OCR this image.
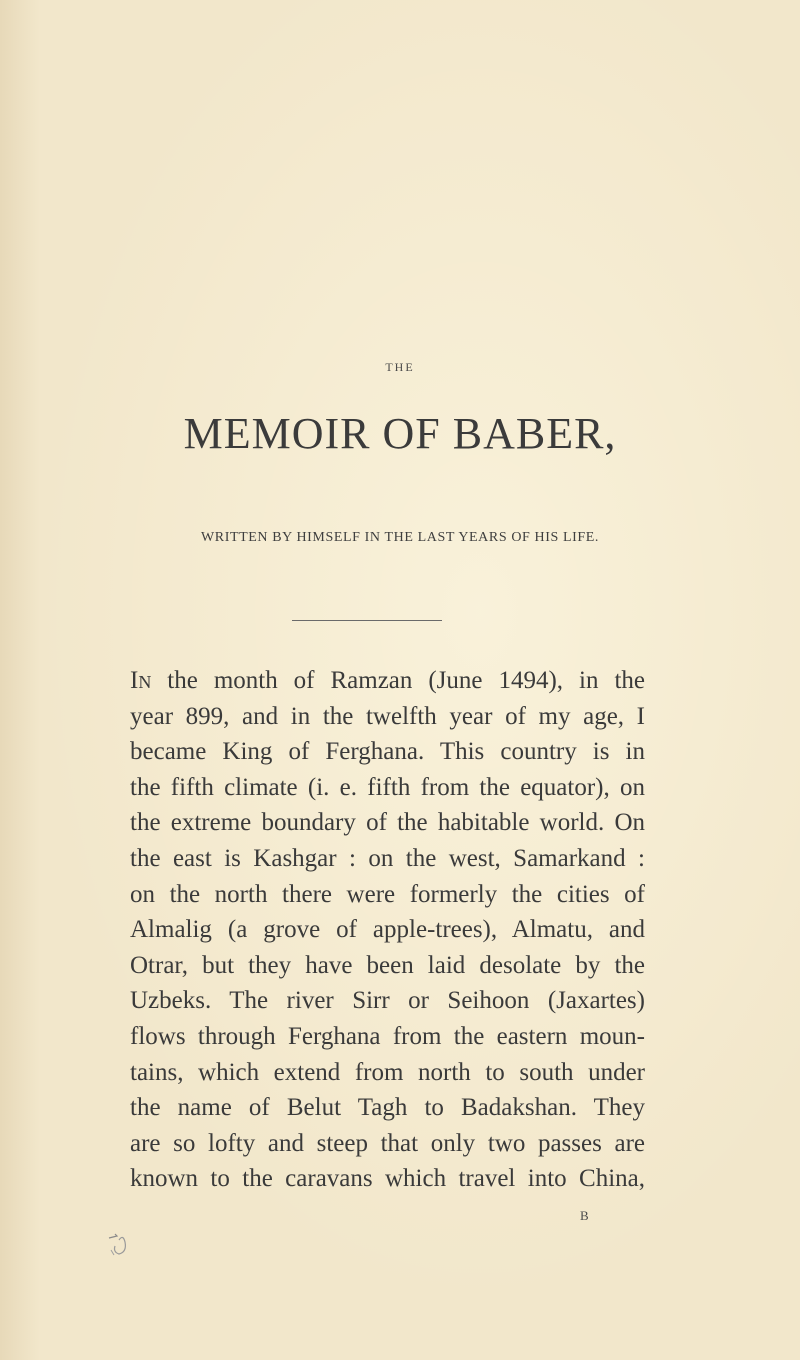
THE
MEMOIR OF BABER,
WRITTEN BY HIMSELF IN THE LAST YEARS OF HIS LIFE.
In the month of Ramzan (June 1494), in the
year 899, and in the twelfth year of my age, I
became King of Ferghana. This country is in
the fifth climate (i. e. fifth from the equator), on
the extreme boundary of the habitable world. On
the east is Kashgar : on the west, Samarkand :
on the north there were formerly the cities of
Almalig (a grove of apple-trees), Almatu, and
Otrar, but they have been laid desolate by the
Uzbeks. The river Sirr or Seihoon (Jaxartes)
flows through Ferghana from the eastern moun-
tains, which extend from north to south under
the name of Belut Tagh to Badakshan. They
are so lofty and steep that only two passes are
known to the caravans which travel into China,
B
